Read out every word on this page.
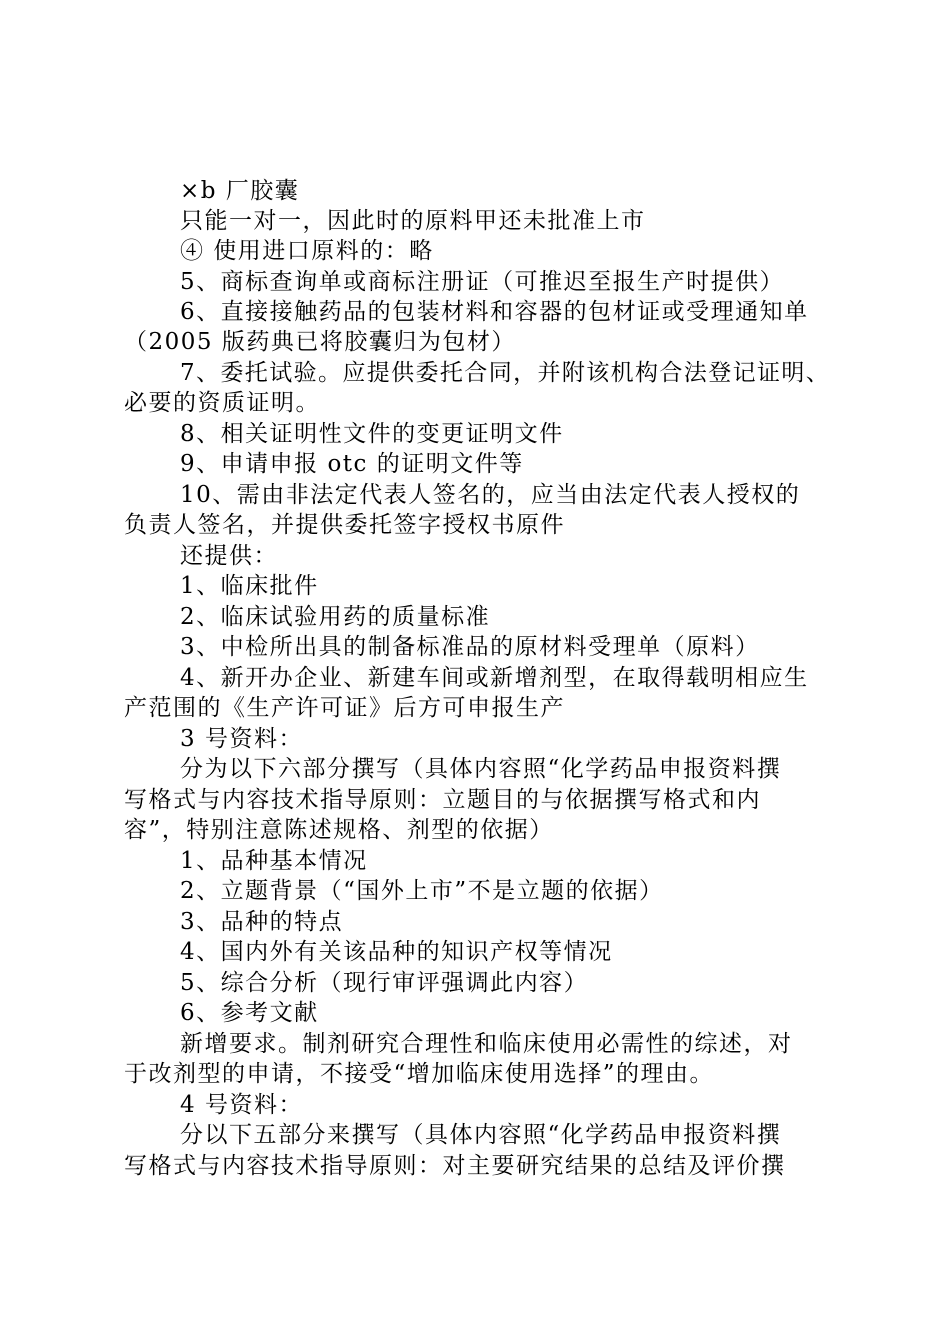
×b 厂胶囊
只能一对一，因此时的原料甲还未批准上市
④ 使用进口原料的：略
5、商标查询单或商标注册证（可推迟至报生产时提供）
6、直接接触药品的包装材料和容器的包材证或受理通知单
（2005 版药典已将胶囊归为包材）
7、委托试验。应提供委托合同，并附该机构合法登记证明、
必要的资质证明。
8、相关证明性文件的变更证明文件
9、申请申报 otc 的证明文件等
10、需由非法定代表人签名的，应当由法定代表人授权的
负责人签名，并提供委托签字授权书原件
还提供：
1、临床批件
2、临床试验用药的质量标准
3、中检所出具的制备标准品的原材料受理单（原料）
4、新开办企业、新建车间或新增剂型，在取得载明相应生
产范围的《生产许可证》后方可申报生产
3 号资料：
分为以下六部分撰写（具体内容照“化学药品申报资料撰
写格式与内容技术指导原则：立题目的与依据撰写格式和内
容”，特别注意陈述规格、剂型的依据）
1、品种基本情况
2、立题背景（“国外上市”不是立题的依据）
3、品种的特点
4、国内外有关该品种的知识产权等情况
5、综合分析（现行审评强调此内容）
6、参考文献
新增要求。制剂研究合理性和临床使用必需性的综述，对
于改剂型的申请，不接受“增加临床使用选择”的理由。
4 号资料：
分以下五部分来撰写（具体内容照“化学药品申报资料撰
写格式与内容技术指导原则：对主要研究结果的总结及评价撰
